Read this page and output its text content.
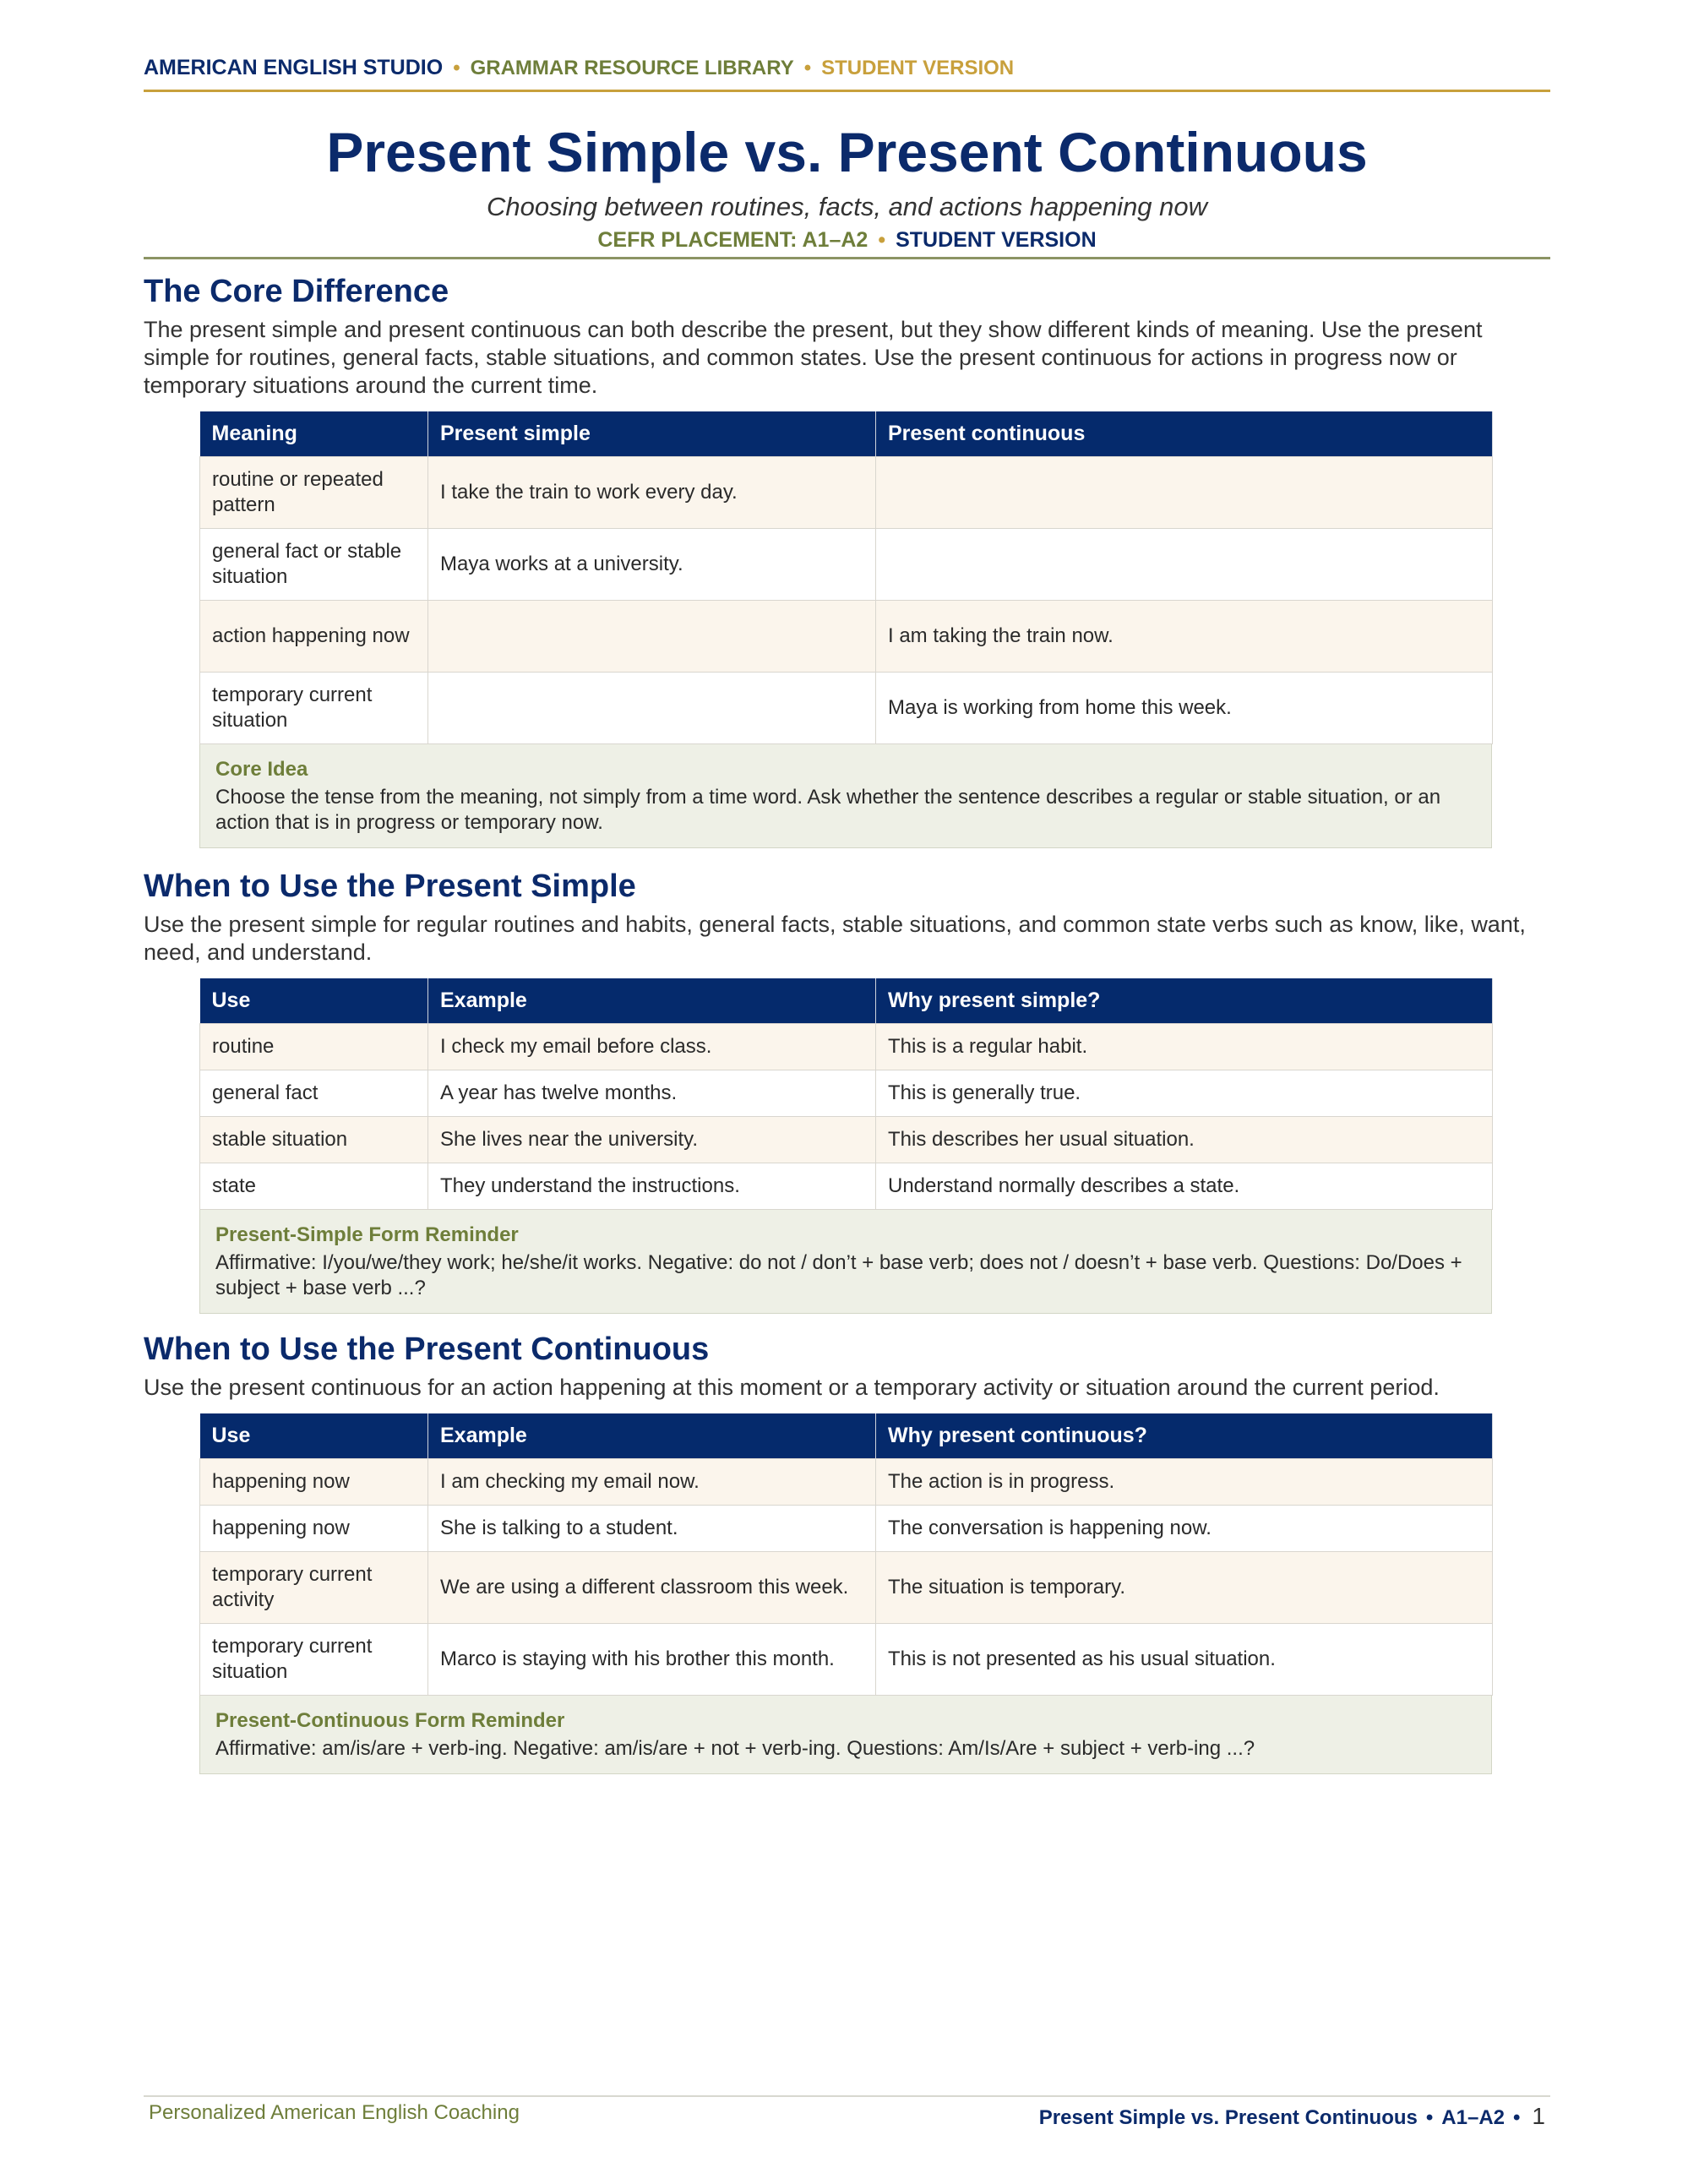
AMERICAN ENGLISH STUDIO • GRAMMAR RESOURCE LIBRARY • STUDENT VERSION
Present Simple vs. Present Continuous
Choosing between routines, facts, and actions happening now
CEFR PLACEMENT: A1–A2 • STUDENT VERSION
The Core Difference
The present simple and present continuous can both describe the present, but they show different kinds of meaning. Use the present simple for routines, general facts, stable situations, and common states. Use the present continuous for actions in progress now or temporary situations around the current time.
Meaning	Present simple	Present continuous
routine or repeated pattern	I take the train to work every day.	
general fact or stable situation	Maya works at a university.	
action happening now		I am taking the train now.
temporary current situation		Maya is working from home this week.
Core Idea
Choose the tense from the meaning, not simply from a time word. Ask whether the sentence describes a regular or stable situation, or an action that is in progress or temporary now.
When to Use the Present Simple
Use the present simple for regular routines and habits, general facts, stable situations, and common state verbs such as know, like, want, need, and understand.
Use	Example	Why present simple?
routine	I check my email before class.	This is a regular habit.
general fact	A year has twelve months.	This is generally true.
stable situation	She lives near the university.	This describes her usual situation.
state	They understand the instructions.	Understand normally describes a state.
Present-Simple Form Reminder
Affirmative: I/you/we/they work; he/she/it works. Negative: do not / don’t + base verb; does not / doesn’t + base verb. Questions: Do/Does + subject + base verb ...?
When to Use the Present Continuous
Use the present continuous for an action happening at this moment or a temporary activity or situation around the current period.
Use	Example	Why present continuous?
happening now	I am checking my email now.	The action is in progress.
happening now	She is talking to a student.	The conversation is happening now.
temporary current activity	We are using a different classroom this week.	The situation is temporary.
temporary current situation	Marco is staying with his brother this month.	This is not presented as his usual situation.
Present-Continuous Form Reminder
Affirmative: am/is/are + verb-ing. Negative: am/is/are + not + verb-ing. Questions: Am/Is/Are + subject + verb-ing ...?
Personalized American English Coaching	Present Simple vs. Present Continuous • A1–A2 • 1
